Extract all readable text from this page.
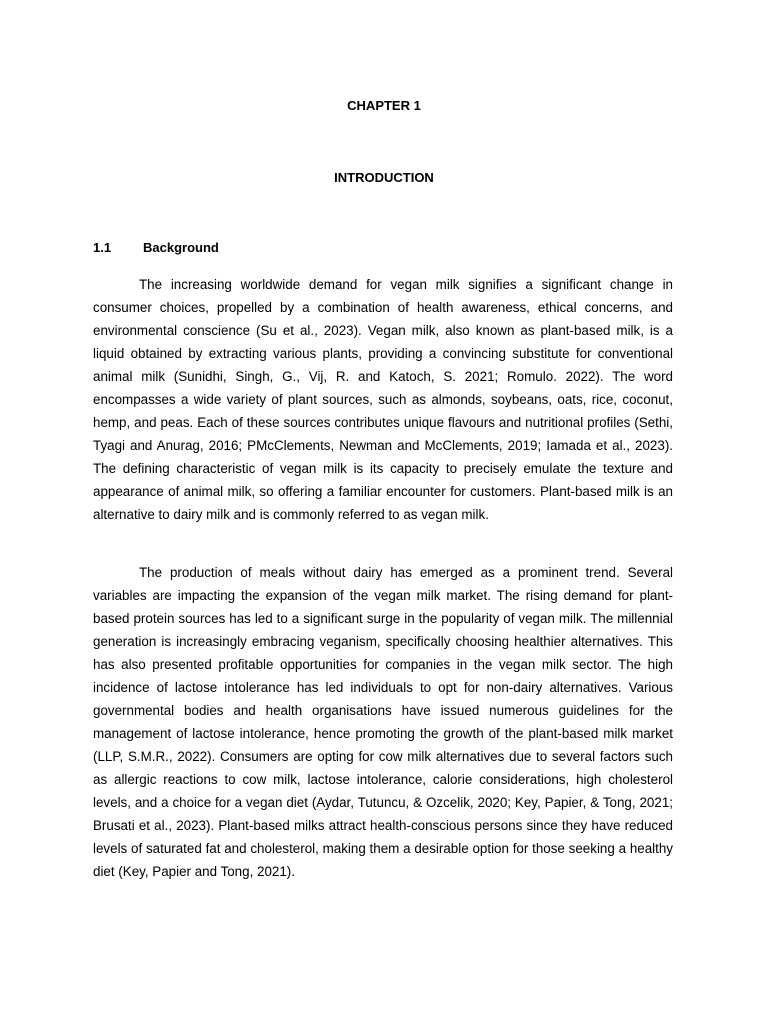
CHAPTER 1
INTRODUCTION
1.1 Background

The increasing worldwide demand for vegan milk signifies a significant change in consumer choices, propelled by a combination of health awareness, ethical concerns, and environmental conscience (Su et al., 2023). Vegan milk, also known as plant-based milk, is a liquid obtained by extracting various plants, providing a convincing substitute for conventional animal milk (Sunidhi, Singh, G., Vij, R. and Katoch, S. 2021; Romulo. 2022). The word encompasses a wide variety of plant sources, such as almonds, soybeans, oats, rice, coconut, hemp, and peas. Each of these sources contributes unique flavours and nutritional profiles (Sethi, Tyagi and Anurag, 2016; PMcClements, Newman and McClements, 2019; Iamada et al., 2023). The defining characteristic of vegan milk is its capacity to precisely emulate the texture and appearance of animal milk, so offering a familiar encounter for customers. Plant-based milk is an alternative to dairy milk and is commonly referred to as vegan milk.

The production of meals without dairy has emerged as a prominent trend. Several variables are impacting the expansion of the vegan milk market. The rising demand for plant-based protein sources has led to a significant surge in the popularity of vegan milk. The millennial generation is increasingly embracing veganism, specifically choosing healthier alternatives. This has also presented profitable opportunities for companies in the vegan milk sector. The high incidence of lactose intolerance has led individuals to opt for non-dairy alternatives. Various governmental bodies and health organisations have issued numerous guidelines for the management of lactose intolerance, hence promoting the growth of the plant-based milk market (LLP, S.M.R., 2022). Consumers are opting for cow milk alternatives due to several factors such as allergic reactions to cow milk, lactose intolerance, calorie considerations, high cholesterol levels, and a choice for a vegan diet (Aydar, Tutuncu, & Ozcelik, 2020; Key, Papier, & Tong, 2021; Brusati et al., 2023). Plant-based milks attract health-conscious persons since they have reduced levels of saturated fat and cholesterol, making them a desirable option for those seeking a healthy diet (Key, Papier and Tong, 2021).
